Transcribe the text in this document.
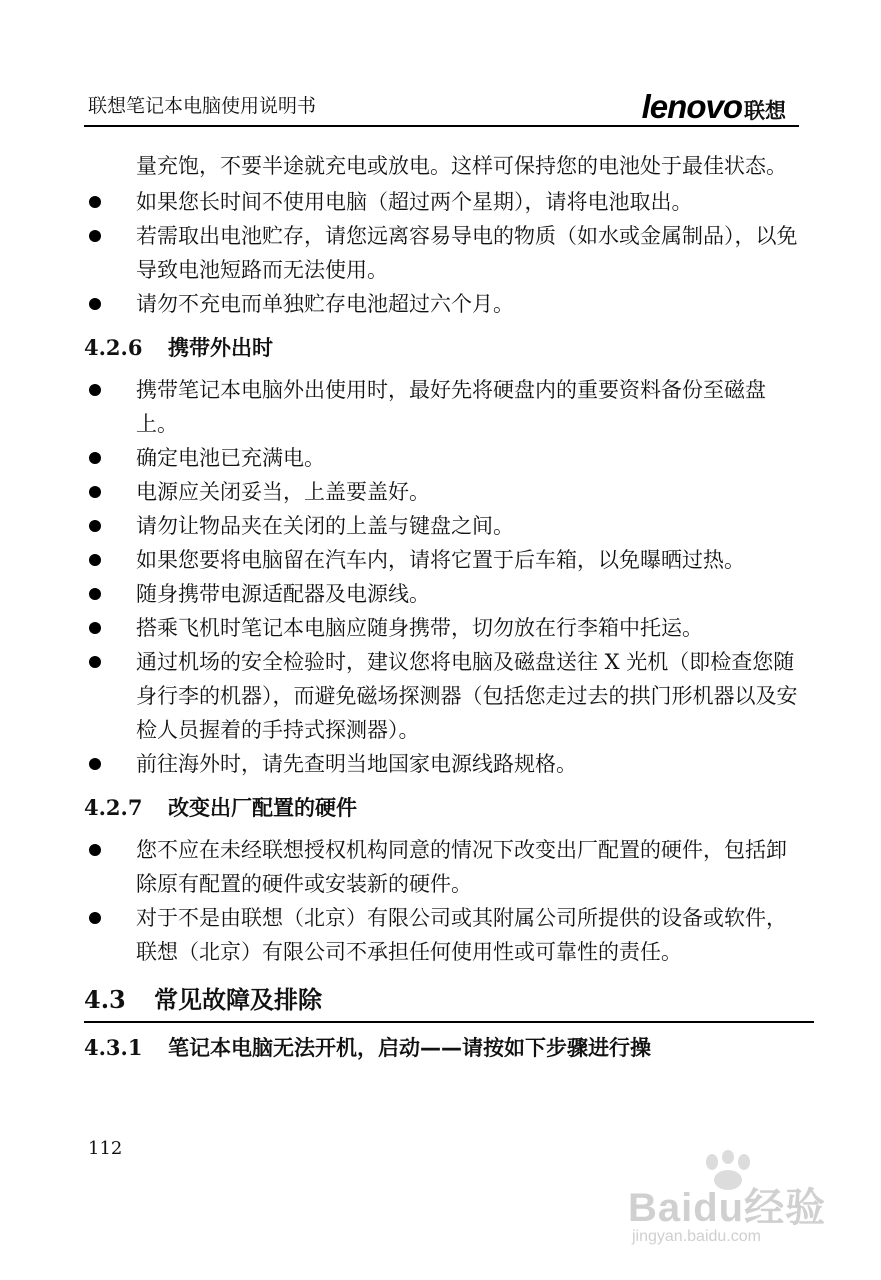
联想笔记本电脑使用说明书	lenovo 联想

量充饱，不要半途就充电或放电。这样可保持您的电池处于最佳状态。

如果您长时间不使用电脑（超过两个星期），请将电池取出。
若需取出电池贮存，请您远离容易导电的物质（如水或金属制品），以免导致电池短路而无法使用。
请勿不充电而单独贮存电池超过六个月。
4.2.6	携带外出时
携带笔记本电脑外出使用时，最好先将硬盘内的重要资料备份至磁盘上。
确定电池已充满电。
电源应关闭妥当，上盖要盖好。
请勿让物品夹在关闭的上盖与键盘之间。
如果您要将电脑留在汽车内，请将它置于后车箱，以免曝晒过热。
随身携带电源适配器及电源线。
搭乘飞机时笔记本电脑应随身携带，切勿放在行李箱中托运。
通过机场的安全检验时，建议您将电脑及磁盘送往 X 光机（即检查您随身行李的机器），而避免磁场探测器（包括您走过去的拱门形机器以及安检人员握着的手持式探测器）。
前往海外时，请先查明当地国家电源线路规格。
4.2.7	改变出厂配置的硬件
您不应在未经联想授权机构同意的情况下改变出厂配置的硬件，包括卸除原有配置的硬件或安装新的硬件。
对于不是由联想（北京）有限公司或其附属公司所提供的设备或软件，联想（北京）有限公司不承担任何使用性或可靠性的责任。
4.3	常见故障及排除
4.3.1	笔记本电脑无法开机，启动——请按如下步骤进行操
112
Baidu经验
jingyan.baidu.com
